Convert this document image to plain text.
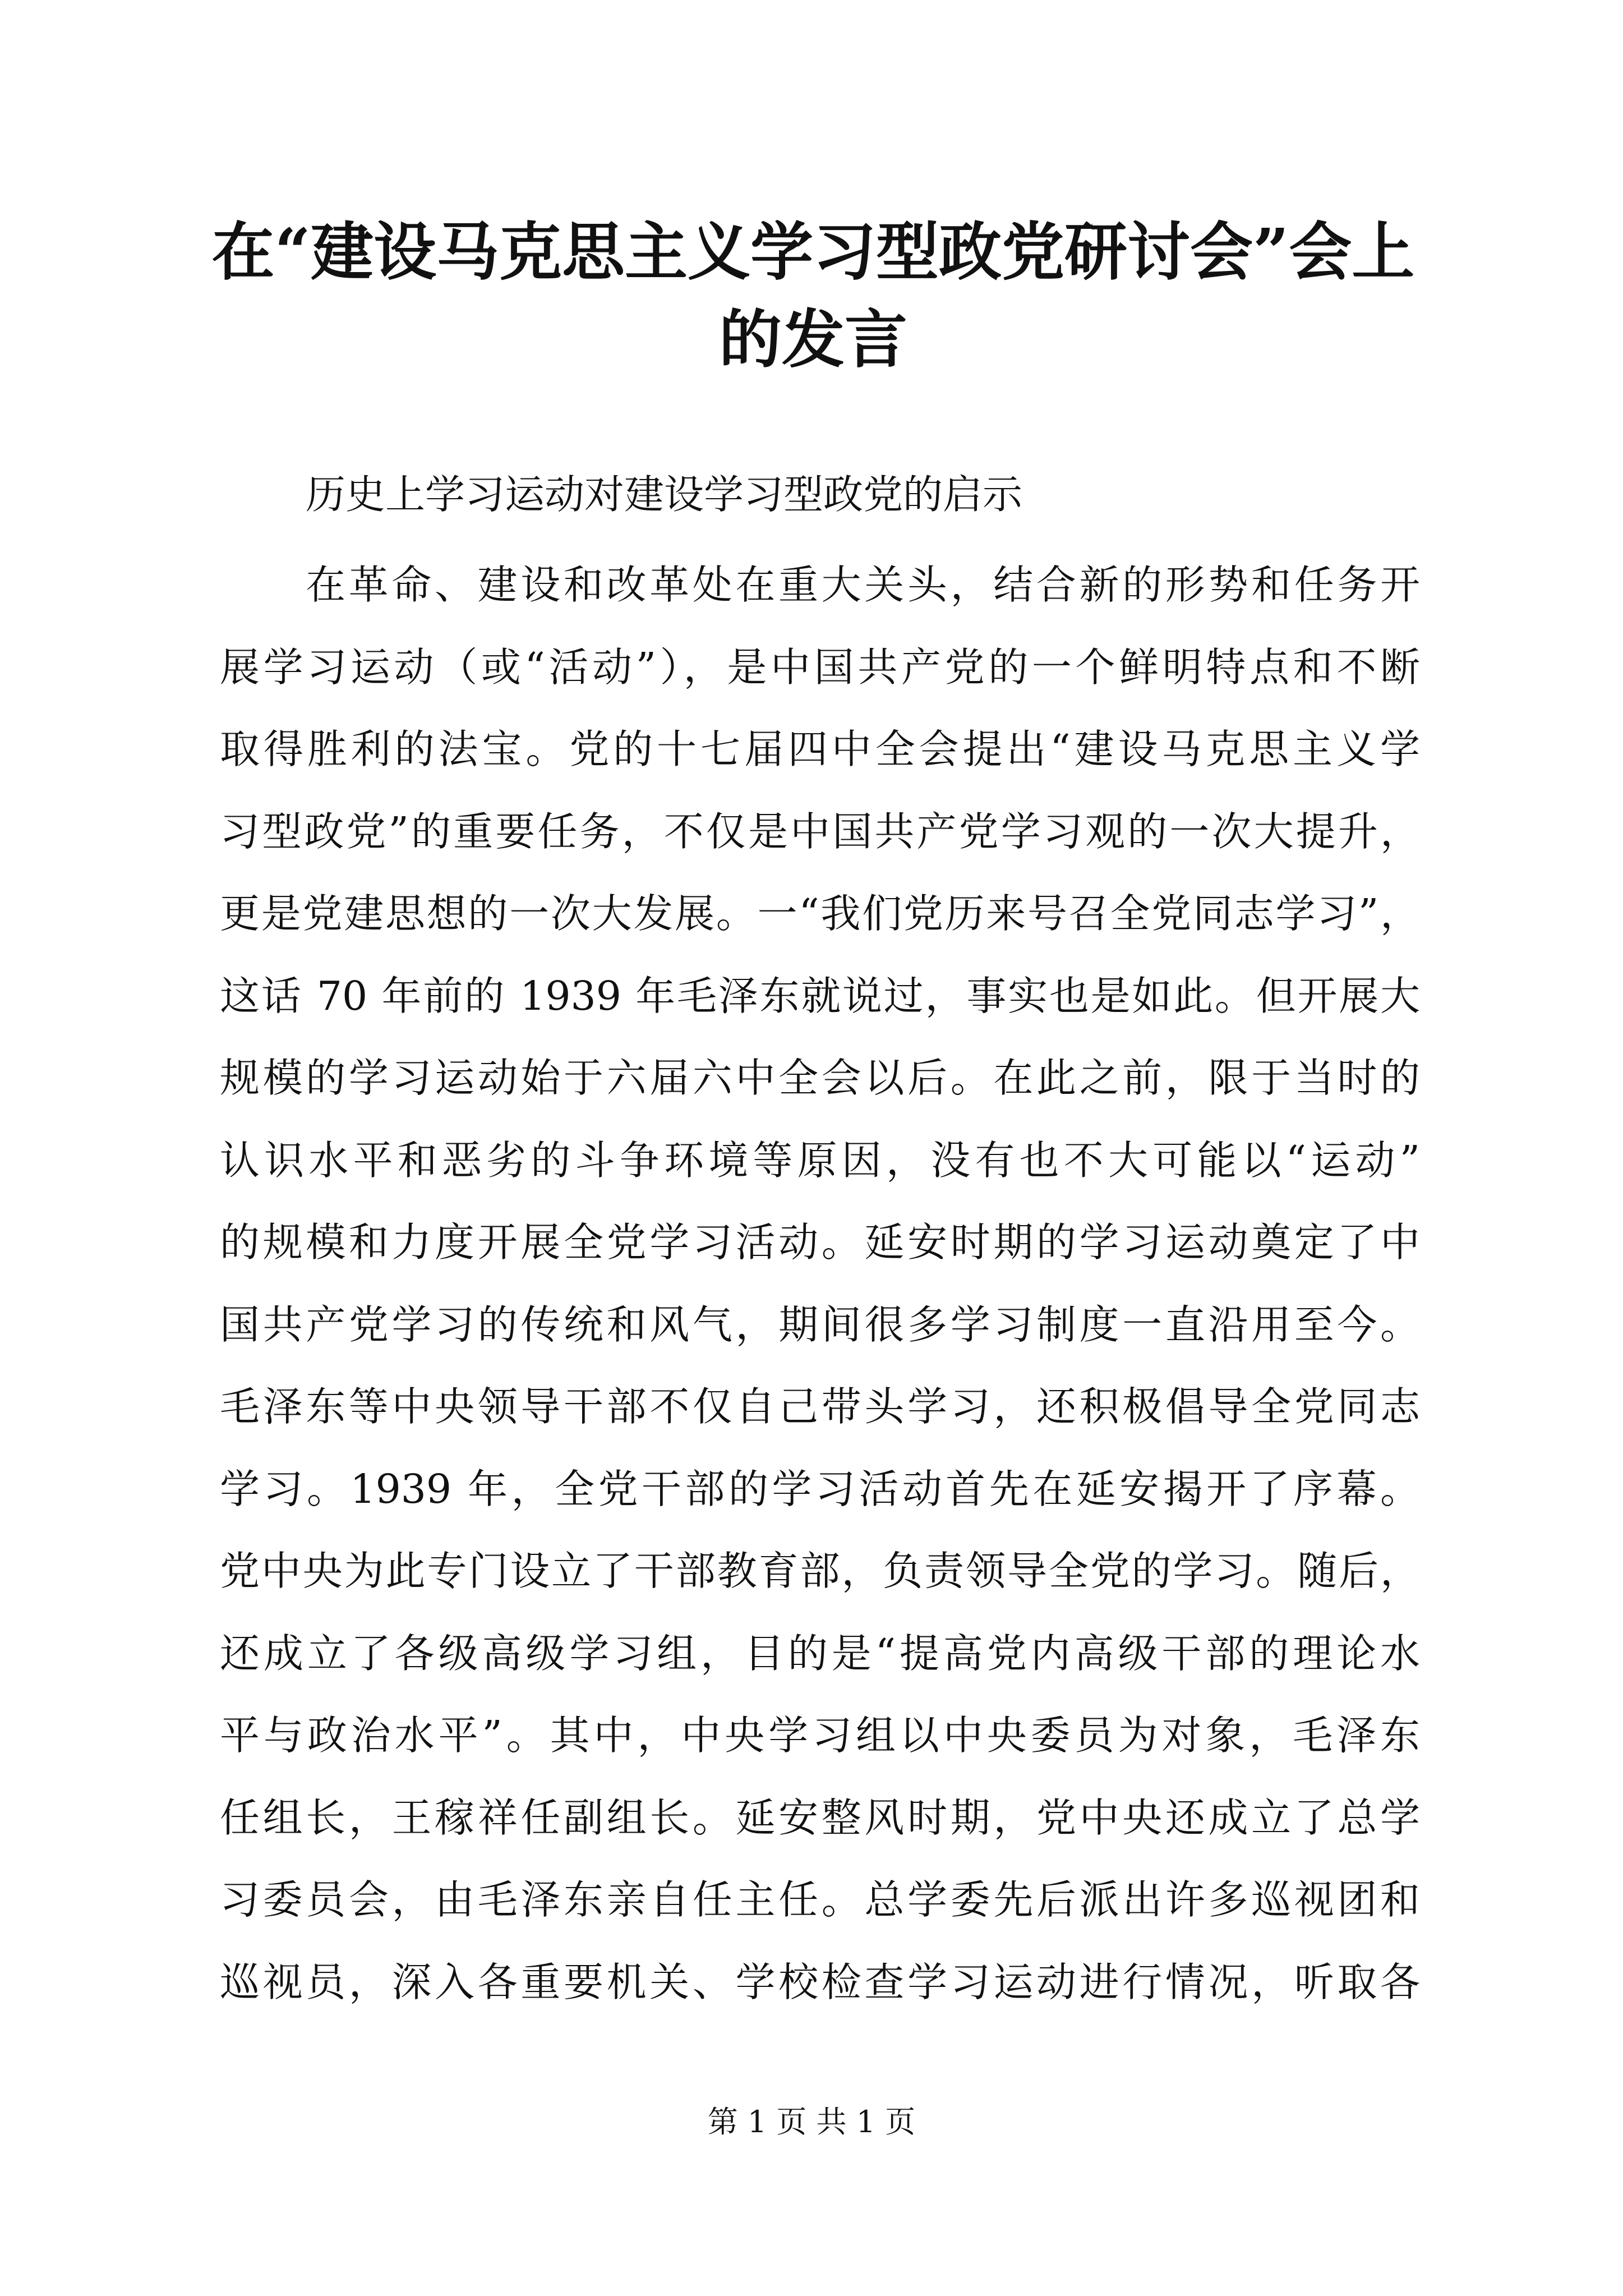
在“建设马克思主义学习型政党研讨会”会上
的发言

历史上学习运动对建设学习型政党的启示

在革命、建设和改革处在重大关头，结合新的形势和任务开
展学习运动（或“活动”），是中国共产党的一个鲜明特点和不断
取得胜利的法宝。党的十七届四中全会提出“建设马克思主义学
习型政党”的重要任务，不仅是中国共产党学习观的一次大提升，
更是党建思想的一次大发展。一“我们党历来号召全党同志学习”，
这话 70 年前的 1939 年毛泽东就说过，事实也是如此。但开展大
规模的学习运动始于六届六中全会以后。在此之前，限于当时的
认识水平和恶劣的斗争环境等原因，没有也不大可能以“运动”
的规模和力度开展全党学习活动。延安时期的学习运动奠定了中
国共产党学习的传统和风气，期间很多学习制度一直沿用至今。
毛泽东等中央领导干部不仅自己带头学习，还积极倡导全党同志
学习。1939 年，全党干部的学习活动首先在延安揭开了序幕。
党中央为此专门设立了干部教育部，负责领导全党的学习。随后，
还成立了各级高级学习组，目的是“提高党内高级干部的理论水
平与政治水平”。其中，中央学习组以中央委员为对象，毛泽东
任组长，王稼祥任副组长。延安整风时期，党中央还成立了总学
习委员会，由毛泽东亲自任主任。总学委先后派出许多巡视团和
巡视员，深入各重要机关、学校检查学习运动进行情况，听取各
第 1 页 共 1 页
